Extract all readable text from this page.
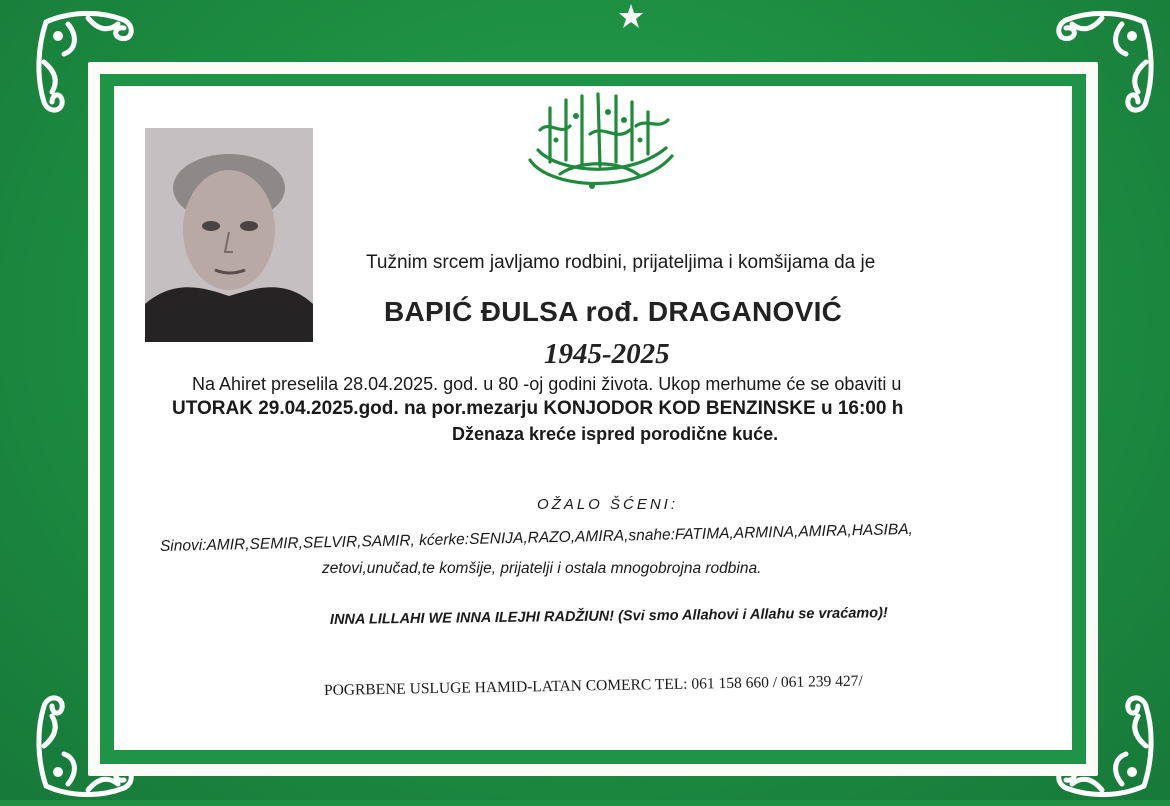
Tužnim srcem javljamo rodbini, prijateljima i komšijama da je
BAPIĆ ĐULSA rođ. DRAGANOVIĆ
1945-2025
Na Ahiret preselila 28.04.2025. god. u 80 -oj godini života. Ukop merhume će se obaviti u
UTORAK 29.04.2025.god. na por.mezarju KONJODOR KOD BENZINSKE u 16:00 h
Dženaza kreće ispred porodične kuće.
OŽALO ŠĆENI:
Sinovi:AMIR,SEMIR,SELVIR,SAMIR, kćerke:SENIJA,RAZO,AMIRA,snahe:FATIMA,ARMINA,AMIRA,HASIBA,
zetovi,unučad,te komšije, prijatelji i ostala mnogobrojna rodbina.
INNA LILLAHI WE INNA ILEJHI RADŽIUN! (Svi smo Allahovi i Allahu se vraćamo)!
POGRBENE USLUGE HAMID-LATAN COMERC TEL: 061 158 660 / 061 239 427/
